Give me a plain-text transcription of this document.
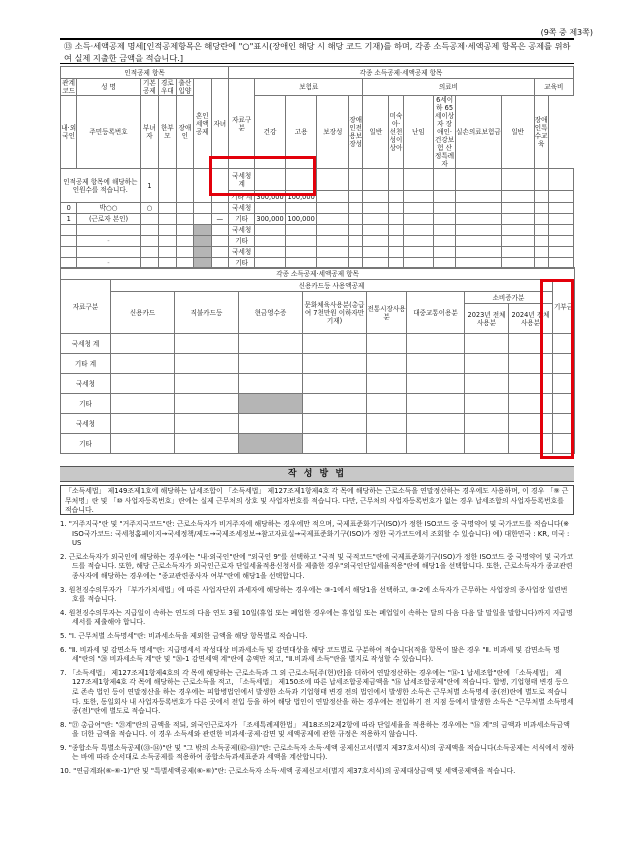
(9쪽 중 제3쪽)
⑬ 소득·세액공제 명세[인적공제항목은 해당란에 "○"표시(장애인 해당 시 해당 코드 기재)를 하며, 각종 소득공제·세액공제 항목은 공제를 위하여 실제 지출한 금액을 적습니다.]
인적공제 항목							각종 소득공제·세액공제 항목												
관계코드	성 명	기본공제	경로우대	출산입양	혼인세액공제	자녀	자료구분	보험료				의료비						교육비	
내·외국인	주민등록번호	부녀자	한부모	장애인				건강	고용	보장성	장애인전용보장성	일반	미숙아·선천성이상아	난임	6세이하 65세이상자 장애인·건강보험 산정특례자	실손의료보험금	일반	장애인특수교육	
인적공제 항목에 해당하는 인원수를 적습니다.		1					국세청계												
							기타 계	300,000	100,000										
0	박○○	○					국세청												
1	(근로자 본인)					—	기타	300,000	100,000										
							국세청												
	-						기타												
							국세청												
	-						기타												
각종 소득공제·세액공제 항목									
자료구분	신용카드등 사용액공제								기부금
	신용카드	직불카드등	현금영수증	문화체육사용분(총급여 7천만원 이하자만 기재)	전통시장사용분	대중교통이용분	소비증가분		
							2023년 전체 사용분	2024년 전체 사용분	
국세청 계									
기타 계									
국세청									
기타									
국세청									
기타									
작 성 방 법
「소득세법」 제149조제1호에 해당하는 납세조합이 「소득세법」 제127조제1항제4호 각 목에 해당하는 근로소득을 연말정산하는 경우에도 사용하며, 이 경우 「⑨ 근무처명」란 및 「⑩ 사업자등록번호」란에는 실제 근무처의 상호 및 사업자번호를 적습니다. 다만, 근무처의 사업자등록번호가 없는 경우 납세조합의 사업자등록번호를 적습니다.

1. "거주지국"란 및 "거주지국코드"란: 근로소득자가 비거주자에 해당하는 경우에만 적으며, 국제표준화기구(ISO)가 정한 ISO코드 중 국명약어 및 국가코드를 적습니다(※ ISO국가코드: 국세청홈페이지→국세정책/제도→국제조세정보→참고자료실→국제표준화기구(ISO)가 정한 국가코드에서 조회할 수 있습니다) 예) 대한민국 : KR, 미국 : US

2. 근로소득자가 외국인에 해당하는 경우에는 "내·외국인"란에 "외국인 9"를 선택하고 "국적 및 국적코드"란에 국제표준화기구(ISO)가 정한 ISO코드 중 국명약어 및 국가코드를 적습니다. 또한, 해당 근로소득자가 외국인근로자 단일세율적용신청서를 제출한 경우"외국인단일세율적용"란에 해당1을 선택합니다. 또한, 근로소득자가 종교관련종사자에 해당하는 경우에는 "종교관련종사자 여부"란에 해당1을 선택합니다.

3. 원천징수의무자가 「부가가치세법」에 따른 사업자단위 과세자에 해당하는 경우에는 ③-1에서 해당1을 선택하고, ③-2에 소득자가 근무하는 사업장의 종사업장 일련번호를 적습니다.

4. 원천징수의무자는 지급일이 속하는 연도의 다음 연도 3월 10일(휴업 또는 폐업한 경우에는 휴업일 또는 폐업일이 속하는 달의 다음 다음 달 말일을 말합니다)까지 지급명세서를 제출해야 합니다.

5. "Ⅰ. 근무처별 소득명세"란: 비과세소득을 제외한 금액을 해당 항목별로 적습니다.

6. "Ⅱ. 비과세 및 감면소득 명세"란: 지급명세서 작성대상 비과세소득 및 감면대상을 해당 코드별로 구분하여 적습니다(적을 항목이 많은 경우 "Ⅱ. 비과세 및 감면소득 명세"란의 "⑳ 비과세소득 계"란 및 "⑳-1 감면세액 계"란에 총액만 적고, "Ⅱ.비과세 소득"란을 별지로 작성할 수 있습니다).

7. 「소득세법」 제127조제1항제4호의 각 목에 해당하는 근로소득과 그 외 근로소득[주(현)란]을 더하여 연말정산하는 경우에는 "⑭-1 납세조합"란에 「소득세법」 제127조제1항제4호 각 목에 해당하는 근로소득을 적고, 「소득세법」 제150조에 따른 납세조합공제금액을 "⑯ 납세조합공제"란에 적습니다. 합병, 기업형태 변경 등으로 존속 법인 등이 연말정산을 하는 경우에는 피합병법인에서 발생한 소득과 기업형태 변경 전의 법인에서 발생한 소득은 근무처별 소득명세 종(전)란에 별도로 적습니다. 또한, 동일회사 내 사업자등록번호가 다른 곳에서 전입 등을 하여 해당 법인이 연말정산을 하는 경우에는 전입하기 전 지점 등에서 발생한 소득은 "근무처별 소득명세 종(전)"란에 별도로 적습니다.

8. "㉑ 총급여"란: "㉑계"란의 금액을 적되, 외국인근로자가 「조세특례제한법」 제18조의2제2항에 따라 단일세율을 적용하는 경우에는 "⑯ 계"의 금액과 비과세소득금액을 더한 금액을 적습니다. 이 경우 소득세와 관련한 비과세·공제·감면 및 세액공제에 관한 규정은 적용하지 않습니다.

9. "종합소득 특별소득공제(㉝-㉞)"란 및 "그 밖의 소득공제(㊷-㊸)"란: 근로소득자 소득·세액 공제신고서(별지 제37호서식)의 공제액을 적습니다(소득공제는 서식에서 정하는 바에 따라 순서대로 소득공제를 적용하여 종합소득과세표준과 세액을 계산합니다).

10. "연금계좌(⑥-⑥-1)"란 및 "특별세액공제(⑥-⑥)"란: 근로소득자 소득·세액 공제신고서(별지 제37호서식)의 공제대상금액 및 세액공제액을 적습니다.
